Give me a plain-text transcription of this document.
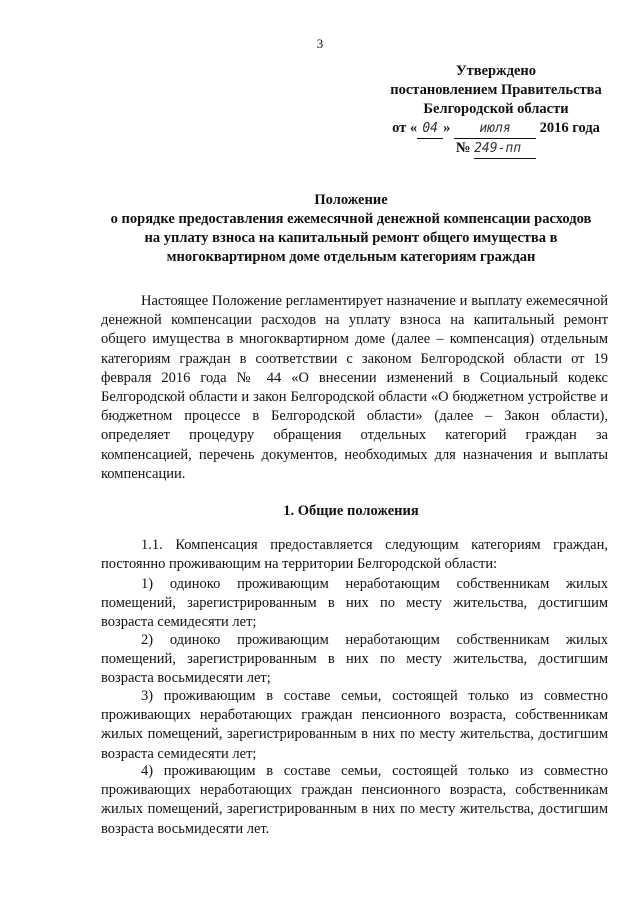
3
Утверждено
постановлением Правительства
Белгородской области
от « 04 » июля 2016 года
№ 249-пп
Положение
о порядке предоставления ежемесячной денежной компенсации расходов
на уплату взноса на капитальный ремонт общего имущества в
многоквартирном доме отдельным категориям граждан

Настоящее Положение регламентирует назначение и выплату ежемесячной денежной компенсации расходов на уплату взноса на капитальный ремонт общего имущества в многоквартирном доме (далее – компенсация) отдельным категориям граждан в соответствии с законом Белгородской области от 19 февраля 2016 года № 44 «О внесении изменений в Социальный кодекс Белгородской области и закон Белгородской области «О бюджетном устройстве и бюджетном процессе в Белгородской области» (далее – Закон области), определяет процедуру обращения отдельных категорий граждан за компенсацией, перечень документов, необходимых для назначения и выплаты компенсации.

1. Общие положения

1.1. Компенсация предоставляется следующим категориям граждан, постоянно проживающим на территории Белгородской области:

1) одиноко проживающим неработающим собственникам жилых помещений, зарегистрированным в них по месту жительства, достигшим возраста семидесяти лет;

2) одиноко проживающим неработающим собственникам жилых помещений, зарегистрированным в них по месту жительства, достигшим возраста восьмидесяти лет;

3) проживающим в составе семьи, состоящей только из совместно проживающих неработающих граждан пенсионного возраста, собственникам жилых помещений, зарегистрированным в них по месту жительства, достигшим возраста семидесяти лет;

4) проживающим в составе семьи, состоящей только из совместно проживающих неработающих граждан пенсионного возраста, собственникам жилых помещений, зарегистрированным в них по месту жительства, достигшим возраста восьмидесяти лет.
